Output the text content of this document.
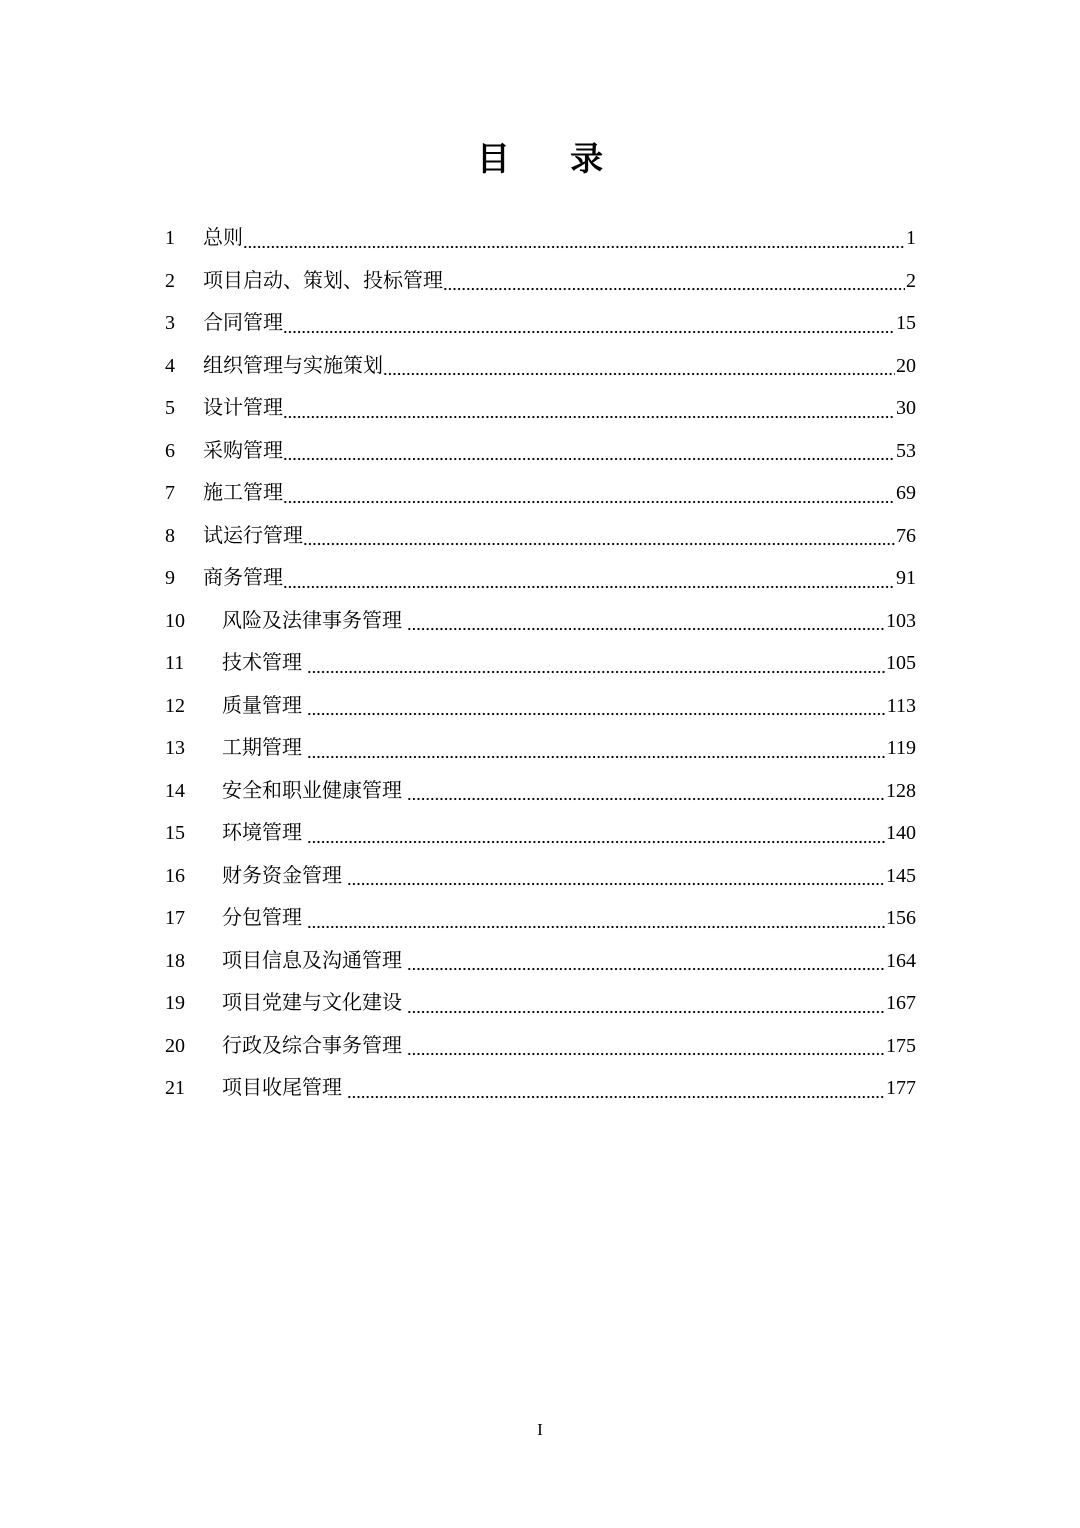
目 录
1	总则	1
2	项目启动、策划、投标管理	2
3	合同管理	15
4	组织管理与实施策划	20
5	设计管理	30
6	采购管理	53
7	施工管理	69
8	试运行管理	76
9	商务管理	91
10	风险及法律事务管理	103
11	技术管理	105
12	质量管理	113
13	工期管理	119
14	安全和职业健康管理	128
15	环境管理	140
16	财务资金管理	145
17	分包管理	156
18	项目信息及沟通管理	164
19	项目党建与文化建设	167
20	行政及综合事务管理	175
21	项目收尾管理	177
I
